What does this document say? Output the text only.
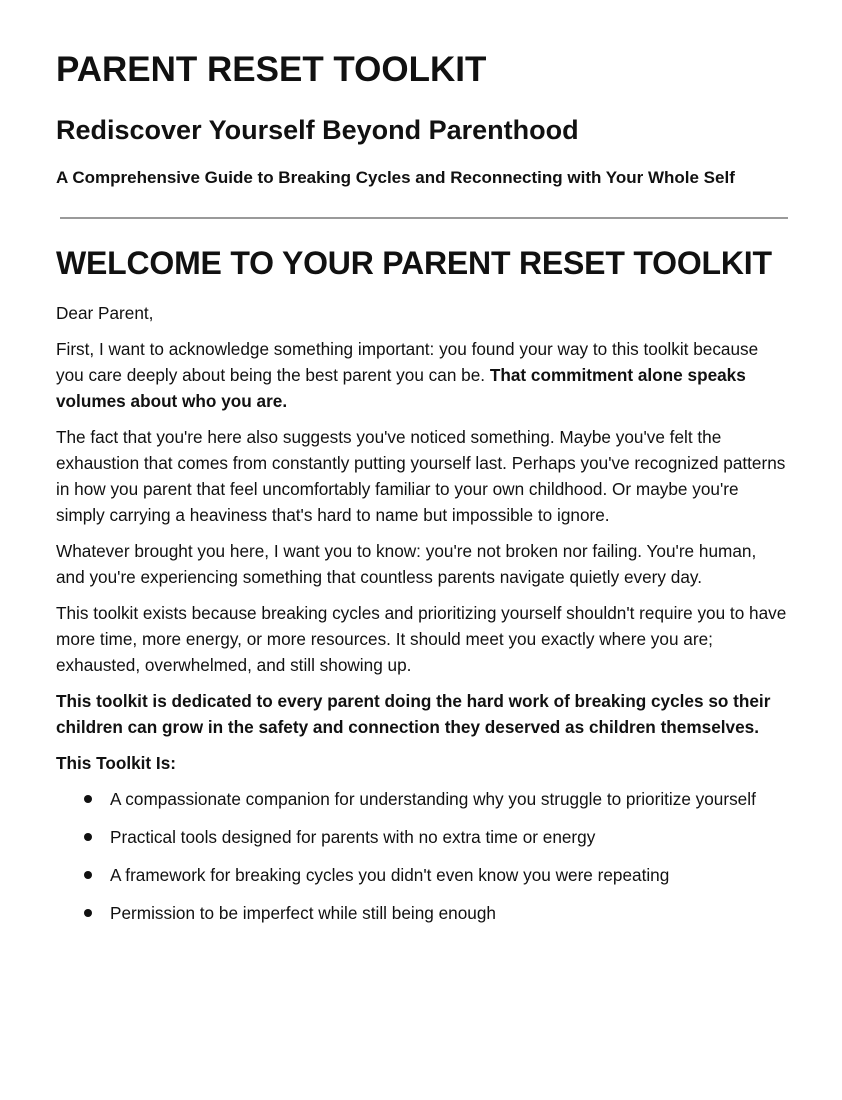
PARENT RESET TOOLKIT
Rediscover Yourself Beyond Parenthood

A Comprehensive Guide to Breaking Cycles and Reconnecting with Your Whole Self

WELCOME TO YOUR PARENT RESET TOOLKIT

Dear Parent,

First, I want to acknowledge something important: you found your way to this toolkit because you care deeply about being the best parent you can be. That commitment alone speaks volumes about who you are.

The fact that you're here also suggests you've noticed something. Maybe you've felt the exhaustion that comes from constantly putting yourself last. Perhaps you've recognized patterns in how you parent that feel uncomfortably familiar to your own childhood. Or maybe you're simply carrying a heaviness that's hard to name but impossible to ignore.

Whatever brought you here, I want you to know: you're not broken nor failing. You're human, and you're experiencing something that countless parents navigate quietly every day.

This toolkit exists because breaking cycles and prioritizing yourself shouldn't require you to have more time, more energy, or more resources. It should meet you exactly where you are; exhausted, overwhelmed, and still showing up.

This toolkit is dedicated to every parent doing the hard work of breaking cycles so their children can grow in the safety and connection they deserved as children themselves.

This Toolkit Is:

A compassionate companion for understanding why you struggle to prioritize yourself
Practical tools designed for parents with no extra time or energy
A framework for breaking cycles you didn't even know you were repeating
Permission to be imperfect while still being enough
